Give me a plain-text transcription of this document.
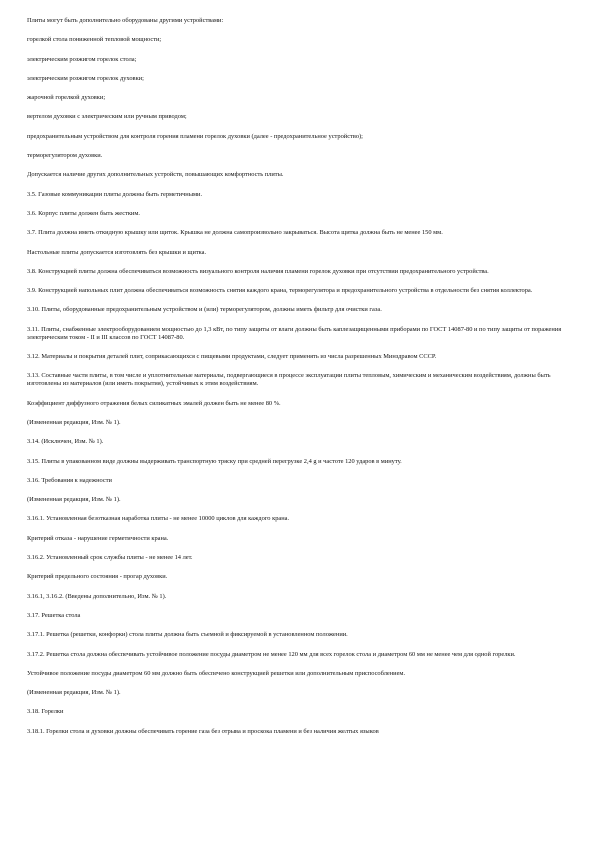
Плиты могут быть дополнительно оборудованы другими устройствами:

горелкой стола пониженной тепловой мощности;

электрическим розжигом горелок стола;

электрическим розжигом горелок духовки;

жарочной горелкой духовки;

вертелом духовки с электрическим или ручным приводом;

предохранительным устройством для контроля горения пламени горелок духовки (далее - предохранительное устройство);

терморегулятором духовки.

Допускается наличие других дополнительных устройств, повышающих комфортность плиты.

3.5. Газовые коммуникации плиты должны быть герметичными.

3.6. Корпус плиты должен быть жестким.

3.7. Плита должна иметь откидную крышку или щиток. Крышка не должна самопроизвольно закрываться. Высота щитка должна быть не менее 150 мм.

Настольные плиты допускается изготовлять без крышки и щитка.

3.8. Конструкцией плиты должна обеспечиваться возможность визуального контроля наличия пламени горелок духовки при отсутствии предохранительного устройства.

3.9. Конструкцией напольных плит должна обеспечиваться возможность снятия каждого крана, терморегулятора и предохранительного устройства в отдельности без снятия коллектора.

3.10. Плиты, оборудованные предохранительным устройством и (или) терморегулятором, должны иметь фильтр для очистки газа.

3.11. Плиты, снабженные электрооборудованием мощностью до 1,3 кВт, по типу защиты от влаги должны быть каплезащищенными приборами по ГОСТ 14087-80 и по типу защиты от поражения электрическим током - II и III классов по ГОСТ 14087-80.

3.12. Материалы и покрытия деталей плит, соприкасающихся с пищевыми продуктами, следует применять из числа разрешенных Минздравом СССР.

3.13. Составные части плиты, в том числе и уплотнительные материалы, подвергающиеся в процессе эксплуатации плиты тепловым, химическим и механическим воздействиям, должны быть изготовлены из материалов (или иметь покрытия), устойчивых к этим воздействиям.

Коэффициент диффузного отражения белых силикатных эмалей должен быть не менее 80 %.

(Измененная редакция, Изм. № 1).

3.14. (Исключен, Изм. № 1).

3.15. Плиты в упакованном виде должны выдерживать транспортную тряску при средней перегрузке 2,4 g и частоте 120 ударов в минуту.

3.16. Требования к надежности

(Измененная редакция, Изм. № 1).

3.16.1. Установленная безотказная наработка плиты - не менее 10000 циклов для каждого крана.

Критерий отказа - нарушение герметичности крана.

3.16.2. Установленный срок службы плиты - не менее 14 лет.

Критерий предельного состояния - прогар духовки.

3.16.1, 3.16.2. (Введены дополнительно, Изм. № 1).

3.17. Решетка стола

3.17.1. Решетка (решетки, конфорки) стола плиты должна быть съемной и фиксируемой в установленном положении.

3.17.2. Решетка стола должна обеспечивать устойчивое положение посуды диаметром не менее 120 мм для всех горелок стола и диаметром 60 мм не менее чем для одной горелки.

Устойчивое положение посуды диаметром 60 мм должно быть обеспечено конструкцией решетки или дополнительным приспособлением.

(Измененная редакция, Изм. № 1).

3.18. Горелки

3.18.1. Горелки стола и духовки должны обеспечивать горение газа без отрыва и проскока пламени и без наличия желтых языков
